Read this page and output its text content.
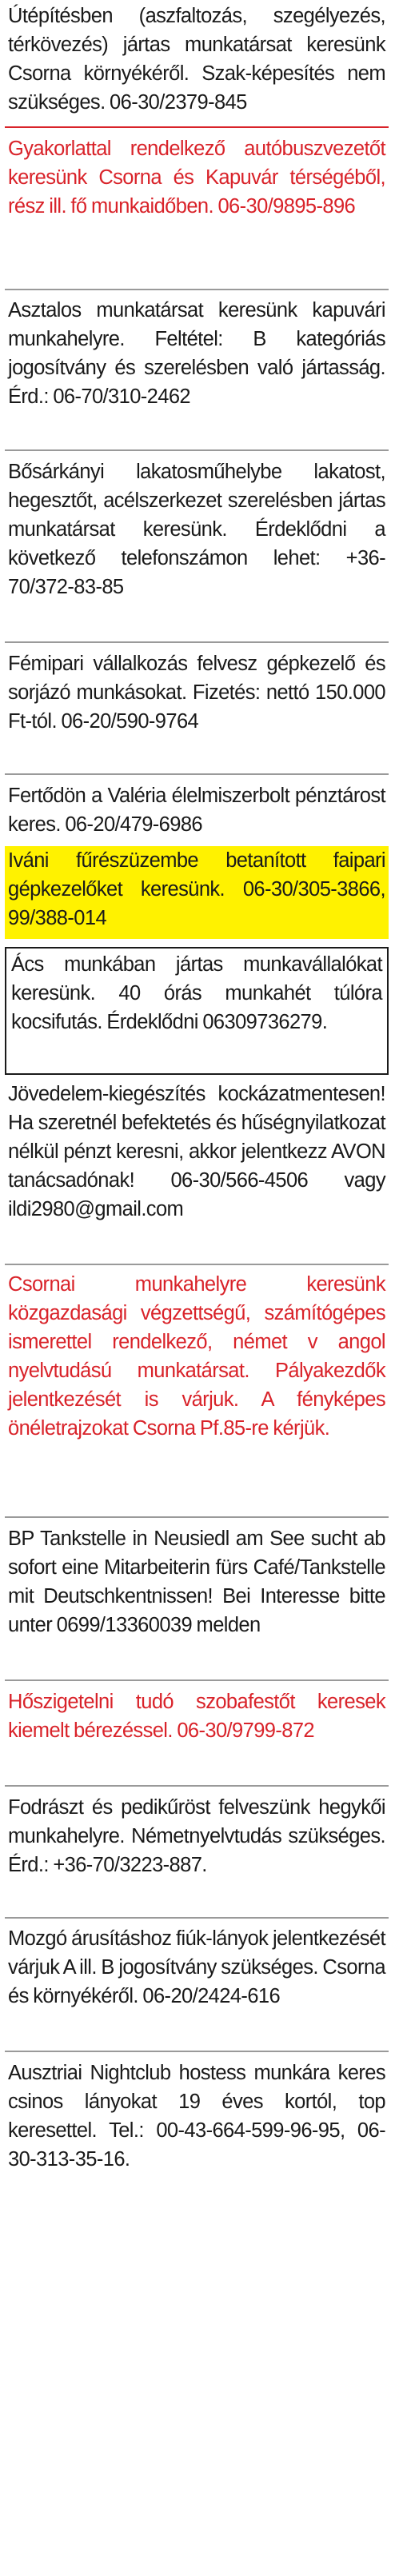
Útépítésben (aszfaltozás, szegélyezés, térkövezés) jártas munkatársat keresünk Csorna környékéről. Szak-képesítés nem szükséges. 06-30/2379-845
Gyakorlattal rendelkező autóbuszvezetőt keresünk Csorna és Kapuvár térségéből, rész ill. fő munkaidőben. 06-30/9895-896
Asztalos munkatársat keresünk kapuvári munkahelyre. Feltétel: B kategóriás jogosítvány és szerelésben való jártasság. Érd.: 06-70/310-2462
Bősárkányi lakatosműhelybe lakatost, hegesztőt, acélszerkezet szerelésben jártas munkatársat keresünk. Érdeklődni a következő telefonszámon lehet: +36-70/372-83-85
Fémipari vállalkozás felvesz gépkezelő és sorjázó munkásokat. Fizetés: nettó 150.000 Ft-tól. 06-20/590-9764
Fertődön a Valéria élelmiszerbolt pénztárost keres. 06-20/479-6986
Iváni fűrészüzembe betanított faipari gépkezelőket keresünk. 06-30/305-3866, 99/388-014
Ács munkában jártas munkavállalókat keresünk. 40 órás munkahét túlóra kocsifutás. Érdeklődni 06309736279.
Jövedelem-kiegészítés kockázatmentesen! Ha szeretnél befektetés és hűségnyilatkozat nélkül pénzt keresni, akkor jelentkezz AVON tanácsadónak! 06-30/566-4506 vagy ildi2980@gmail.com
Csornai munkahelyre keresünk közgazdasági végzettségű, számítógépes ismerettel rendelkező, német v angol nyelvtudású munkatársat. Pályakezdők jelentkezését is várjuk. A fényképes önéletrajzokat Csorna Pf.85-re kérjük.
BP Tankstelle in Neusiedl am See sucht ab sofort eine Mitarbeiterin fürs Café/Tankstelle mit Deutschkentnissen! Bei Interesse bitte unter 0699/13360039 melden
Hőszigetelni tudó szobafestőt keresek kiemelt bérezéssel. 06-30/9799-872
Fodrászt és pedikűröst felveszünk hegykői munkahelyre. Németnyelvtudás szükséges. Érd.: +36-70/3223-887.
Mozgó árusításhoz fiúk-lányok jelentkezését várjuk A ill. B jogosítvány szükséges. Csorna és környékéről. 06-20/2424-616
Ausztriai Nightclub hostess munkára keres csinos lányokat 19 éves kortól, top keresettel. Tel.: 00-43-664-599-96-95, 06-30-313-35-16.
